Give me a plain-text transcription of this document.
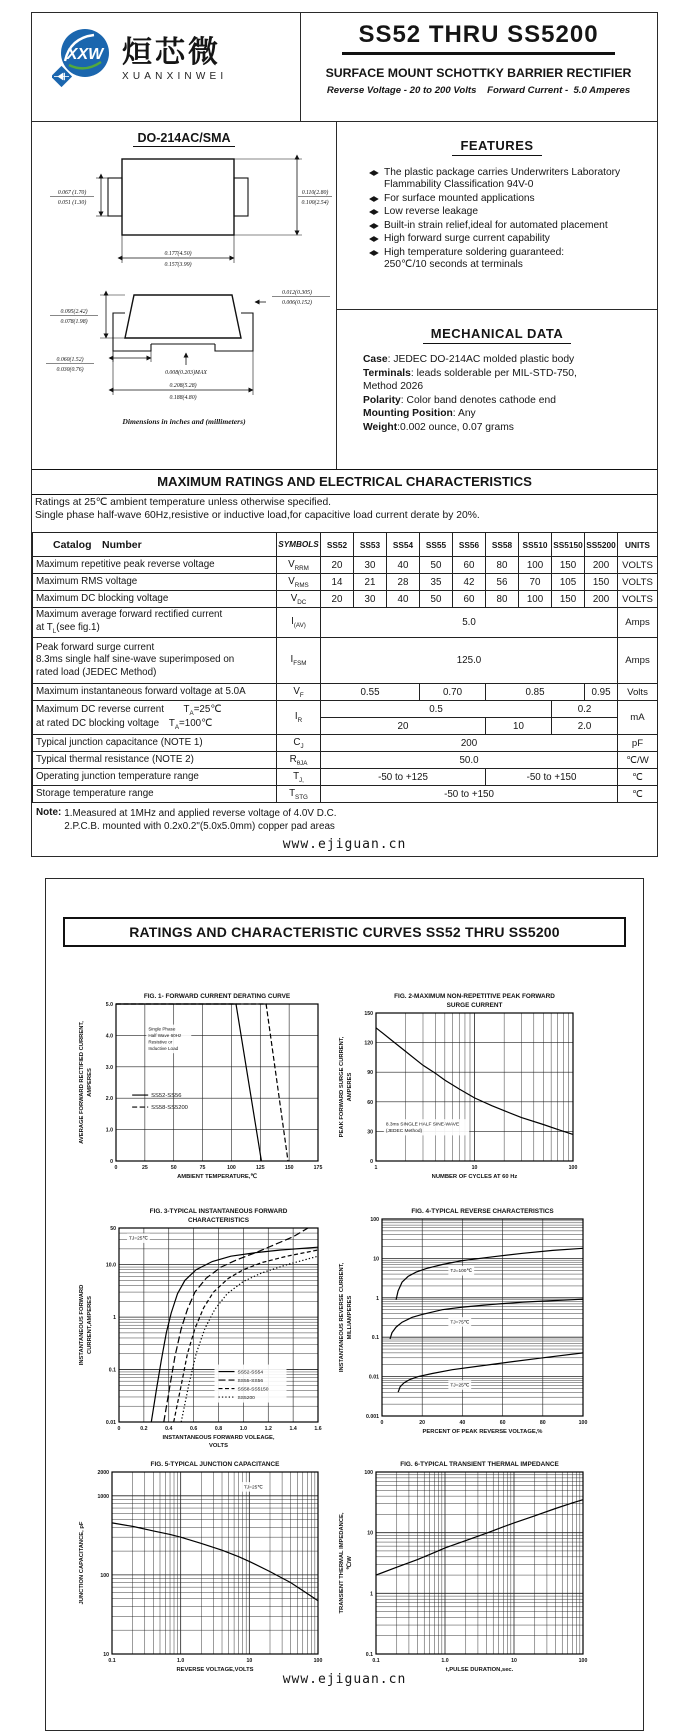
XXW 烜芯微
XUANXINWEI
SS52 THRU SS5200
SURFACE MOUNT SCHOTTKY BARRIER RECTIFIER
Reverse Voltage - 20 to 200 Volts    Forward Current -  5.0 Amperes
DO-214AC/SMA
0.067 (1.70)
0.051 (1.30)
0.110(2.80)
0.100(2.54)
0.177(4.50)
0.157(3.99)
0.012(0.305)
0.006(0.152)
0.095(2.42)
0.078(1.98)
0.060(1.52)
0.030(0.76)	0.008(0.203)MAX
0.208(5.28)
0.188(4.80)
Dimensions in inches and (millimeters)
FEATURES
◆ The plastic package carries Underwriters Laboratory
Flammability Classification 94V-0
◆ For surface mounted applications
◆ Low reverse leakage
◆ Built-in strain relief,ideal for automated placement
◆ High forward surge current capability
◆ High temperature soldering guaranteed:
250℃/10 seconds at terminals
MECHANICAL DATA
Case: JEDEC DO-214AC molded plastic body
Terminals: leads solderable per MIL-STD-750,
Method 2026
Polarity: Color band denotes cathode end
Mounting Position: Any
Weight:0.002 ounce, 0.07 grams
MAXIMUM RATINGS AND ELECTRICAL CHARACTERISTICS
Ratings at 25℃ ambient temperature unless otherwise specified.
Single phase half-wave 60Hz,resistive or inductive load,for capacitive load current derate by 20%.
Catalog  Number	SYMBOLS	SS52	SS53	SS54	SS55	SS56	SS58	SS510	SS5150	SS5200	UNITS

Maximum repetitive peak reverse voltage	$V_{RRM}$	20	30	40	50	60	80	100	150	200	VOLTS

Maximum RMS voltage	$V_{RMS}$	14	21	28	35	42	56	70	105	150	VOLTS

Maximum DC blocking voltage	$V_{DC}$	20	30	40	50	60	80	100	150	200	VOLTS

Maximum average forward rectified current
at $T_L(see$ fig.1)	$I_{(AV)}$	5.0									Amps

Peak forward surge current
8.3ms single half sine-wave superimposed on
rated load (JEDEC Method)	$I_{FSM}$	125.0									Amps

Maximum instantaneous forward voltage at 5.0A	$V_F$	0.55			0.70		0.85			0.95	Volts

Maximum DC reverse current    $T_A=25℃$
at rated DC blocking voltage  $T_A=100℃$	$I_R$	0.5							0.2		mA
		20					10		2.0		

Typical junction capacitance (NOTE 1)	$C_J$	200									pF

Typical thermal resistance (NOTE 2)	$R_{\theta JA}$	50.0									℃/W

Operating junction temperature range	$T_{J,}$	-50 to +125					-50 to +150				℃

Storage temperature range	$T_{STG}$	-50 to +150									℃
Note: 1.Measured at 1MHz and applied reverse voltage of 4.0V D.C.
2.P.C.B. mounted with 0.2x0.2"(5.0x5.0mm) copper pad areas
www.ejiguan.cn
RATINGS AND CHARACTERISTIC CURVES SS52 THRU SS5200
0	25	50	75	100	125	150	175
0
1.0
2.0
3.0
4.0
5.0
FIG. 1- FORWARD CURRENT DERATING CURVE
AMBIENT TEMPERATURE,℃
AVERAGE FORWARD RECTIFIED CURRENT, AMPERES
Single Phase
Half Wave 60Hz
Resistive or
Inductive Load
SS52-SS56
SS58-SS5200
1	10	100
0
30
60
90
120
150
FIG. 2-MAXIMUM NON-REPETITIVE PEAK FORWARD
SURGE CURRENT
NUMBER OF CYCLES AT 60 Hz
PEAK FORWARD SURGE CURRENT, AMPERES
8.3ms SINGLE HALF SINE-WAVE
(JEDEC Method)
0	0.2	0.4	0.6	0.8	1.0	1.2	1.4	1.6
0.01
0.1
1
10.0
50
FIG. 3-TYPICAL INSTANTANEOUS FORWARD
CHARACTERISTICS
INSTANTANEOUS FORWARD VOLEAGE,
VOLTS
INSTANTANEOUS FORWARD CURRENT,AMPERES
TJ=25℃
SS52-SS54
SS55-SS56
SS58-SS5150
SS5200
0	20	40	60	80	100
0.001
0.01
0.1
1
10
100
FIG. 4-TYPICAL REVERSE CHARACTERISTICS
PERCENT OF PEAK REVERSE VOLTAGE,%
INSTANTANEOUS REVERSE CURRENT, MILLIAMPERES
TJ=100℃
TJ=75℃
TJ=25℃
0.1	1.0	10	100
10
100
1000
2000
FIG. 5-TYPICAL JUNCTION CAPACITANCE
REVERSE VOLTAGE,VOLTS
JUNCTION CAPACITANCE, pF
TJ=25℃
0.1	1.0	10	100
0.1
1
10
100
FIG. 6-TYPICAL TRANSIENT THERMAL IMPEDANCE
t,PULSE DURATION,sec.
TRANSIENT THERMAL IMPEDANCE, ℃/W
www.ejiguan.cn
